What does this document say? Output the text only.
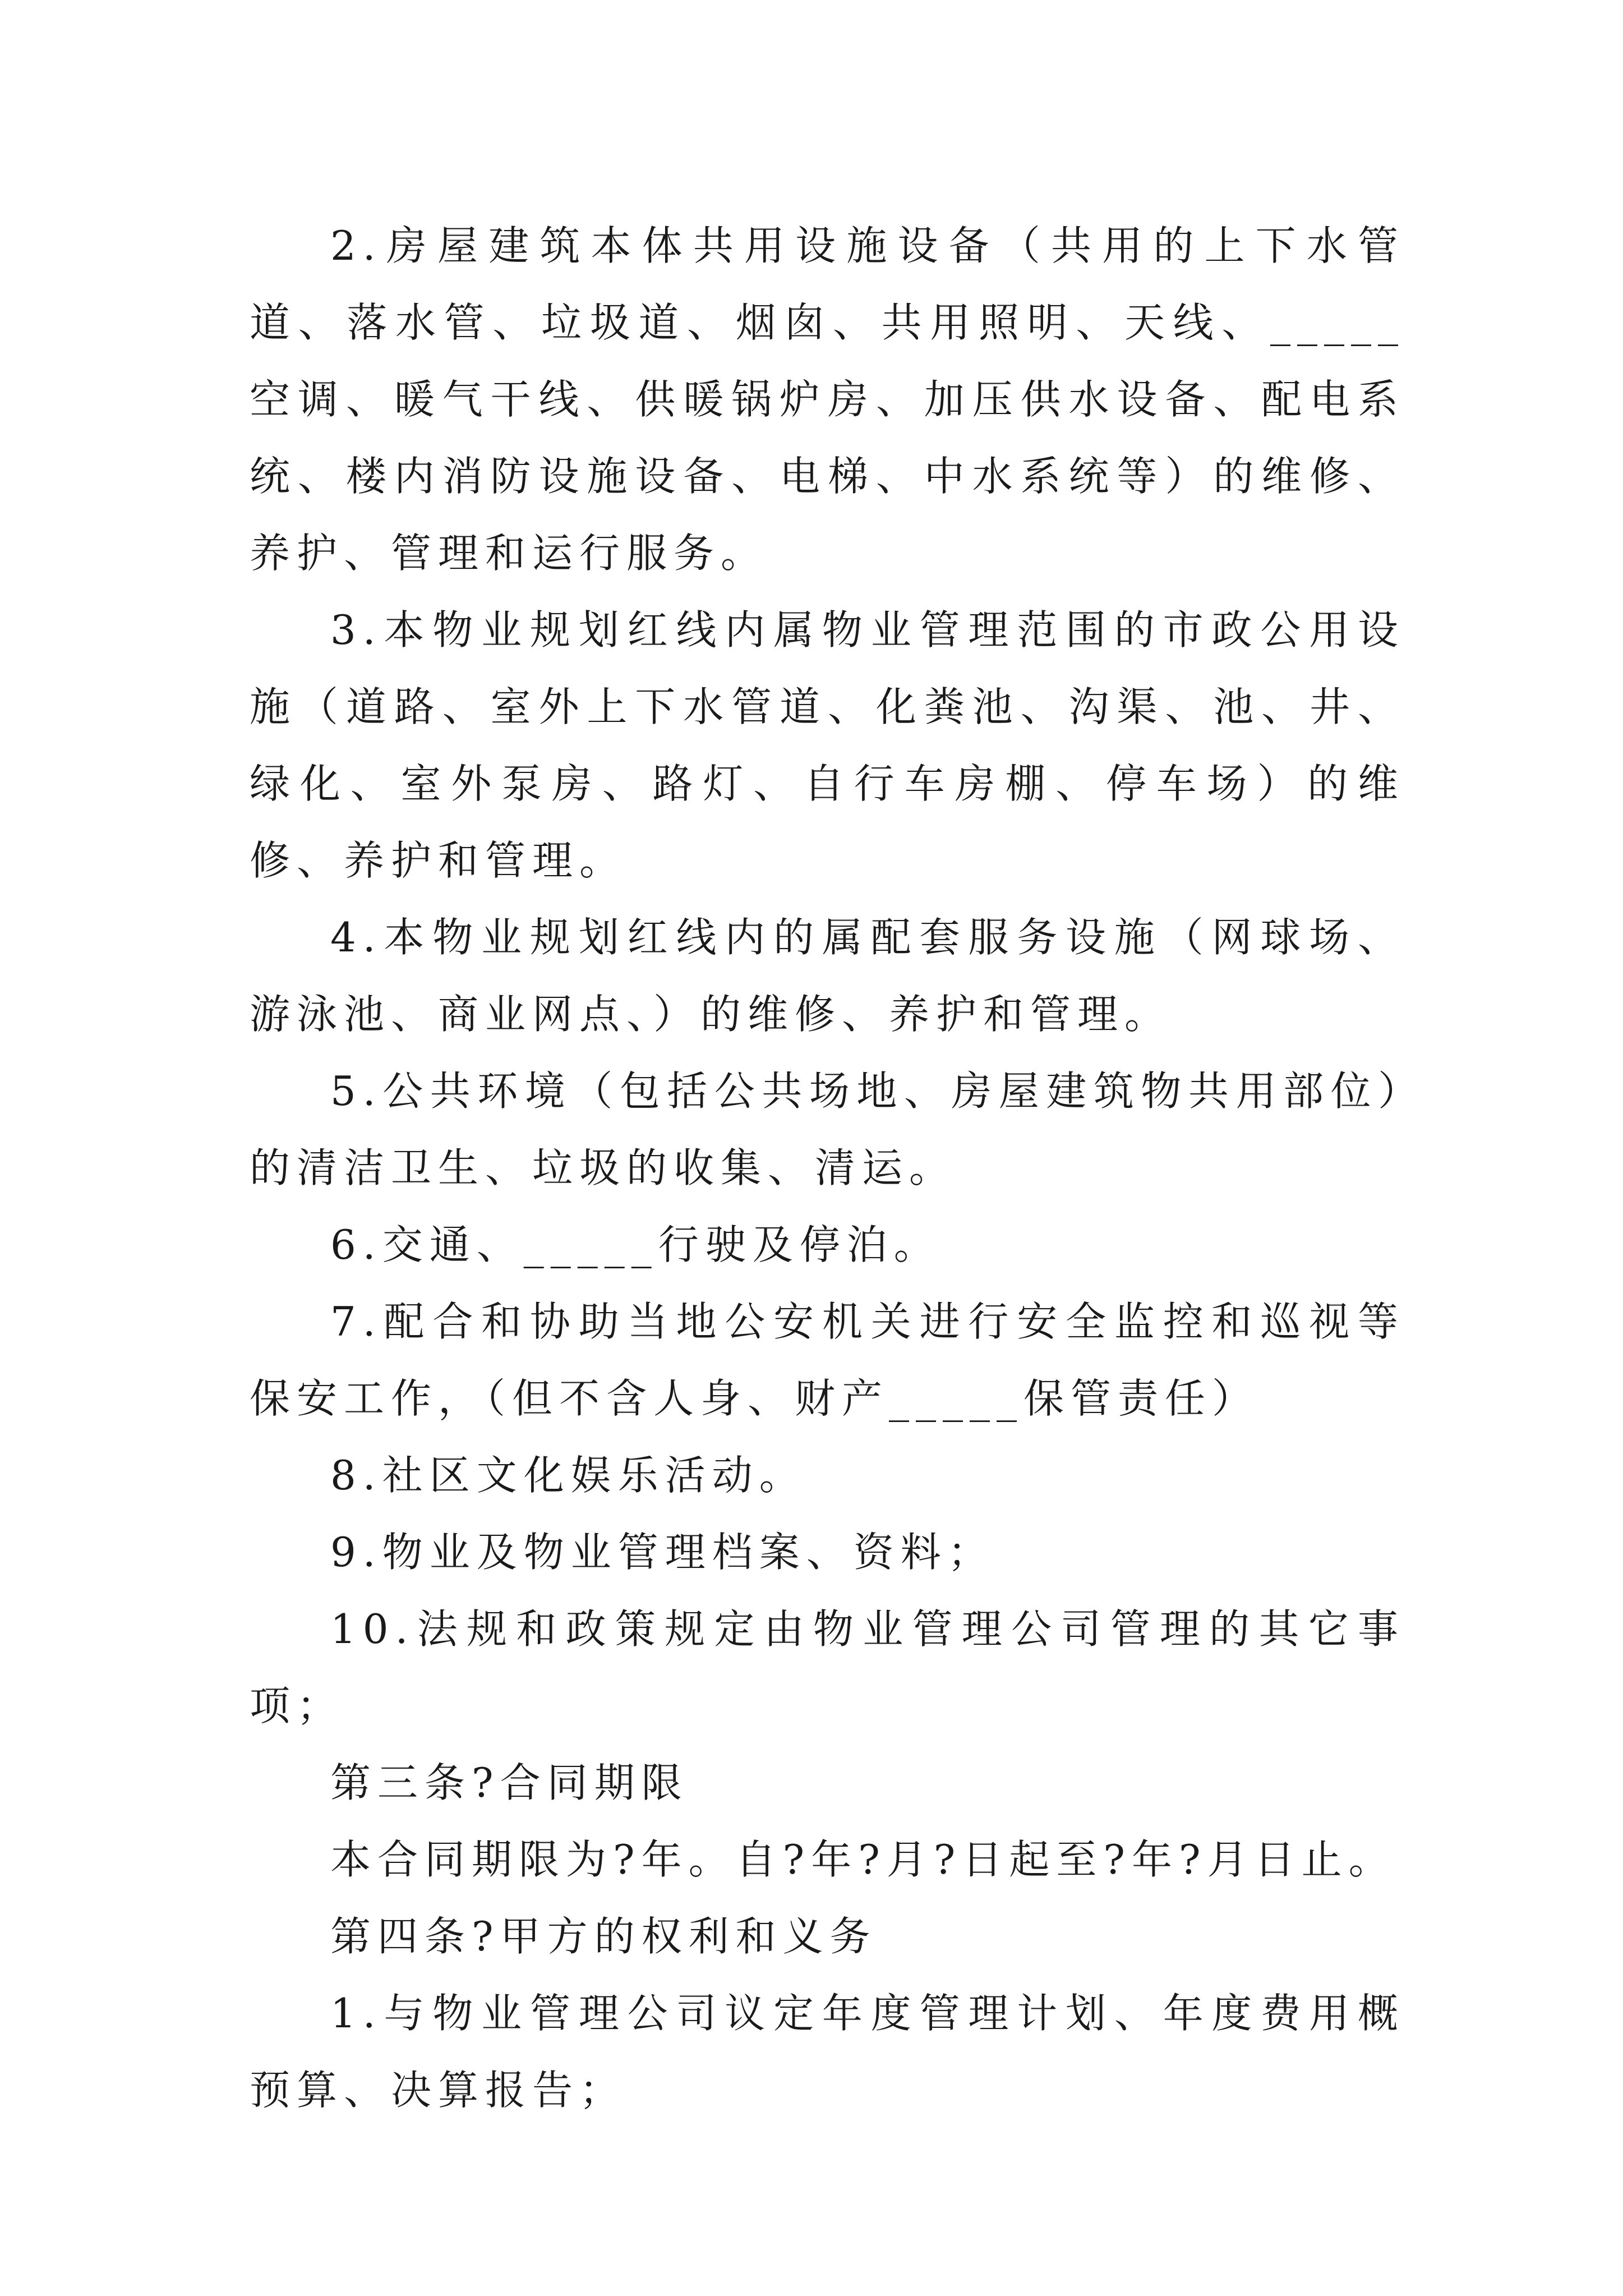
2.房屋建筑本体共用设施设备（共用的上下水管道、落水管、垃圾道、烟囱、共用照明、天线、_____空调、暖气干线、供暖锅炉房、加压供水设备、配电系统、楼内消防设施设备、电梯、中水系统等）的维修、养护、管理和运行服务。

3.本物业规划红线内属物业管理范围的市政公用设施（道路、室外上下水管道、化粪池、沟渠、池、井、绿化、室外泵房、路灯、自行车房棚、停车场）的维修、养护和管理。

4.本物业规划红线内的属配套服务设施（网球场、游泳池、商业网点、）的维修、养护和管理。

5.公共环境（包括公共场地、房屋建筑物共用部位）的清洁卫生、垃圾的收集、清运。

6.交通、_____行驶及停泊。

7.配合和协助当地公安机关进行安全监控和巡视等保安工作，（但不含人身、财产_____保管责任）

8.社区文化娱乐活动。

9.物业及物业管理档案、资料；

10.法规和政策规定由物业管理公司管理的其它事项；

第三条?合同期限

本合同期限为?年。自?年?月?日起至?年?月日止。

第四条?甲方的权利和义务

1.与物业管理公司议定年度管理计划、年度费用概预算、决算报告；
